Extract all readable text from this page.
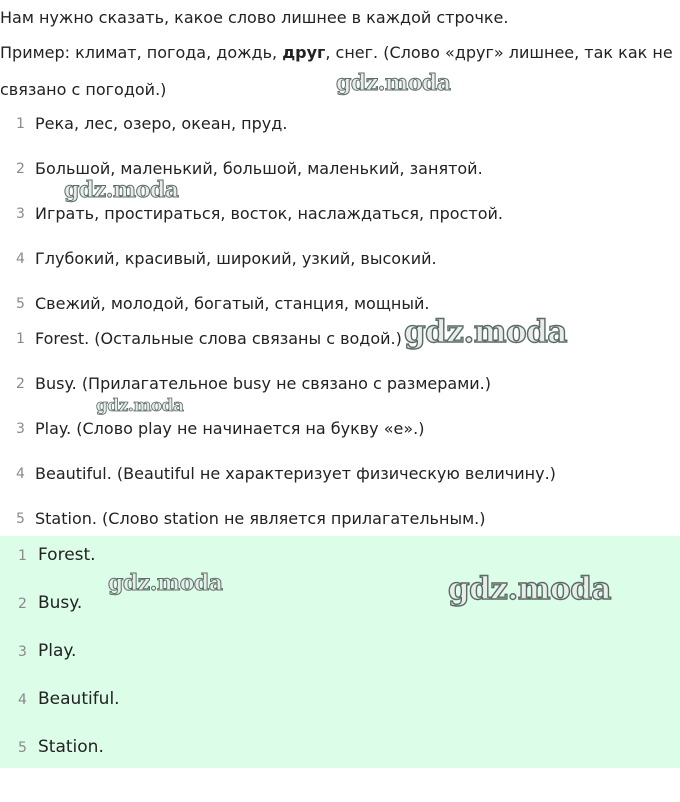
Нам нужно сказать, какое слово лишнее в каждой строчке.

Пример: климат, погода, дождь, друг, снег. (Слово «друг» лишнее, так как не

связано с погодой.)

1 Река, лес, озеро, океан, пруд.
2 Большой, маленький, большой, маленький, занятой.
3 Играть, простираться, восток, наслаждаться, простой.
4 Глубокий, красивый, широкий, узкий, высокий.
5 Свежий, молодой, богатый, станция, мощный.
1 Forest. (Остальные слова связаны с водой.)
2 Busy. (Прилагательное busy не связано с размерами.)
3 Play. (Слово play не начинается на букву «e».)
4 Beautiful. (Beautiful не характеризует физическую величину.)
5 Station. (Слово station не является прилагательным.)
1 Forest.
2 Busy.
3 Play.
4 Beautiful.
5 Station.
gdz.moda
gdz.moda
gdz.moda
gdz.moda
gdz.moda	gdz.moda
